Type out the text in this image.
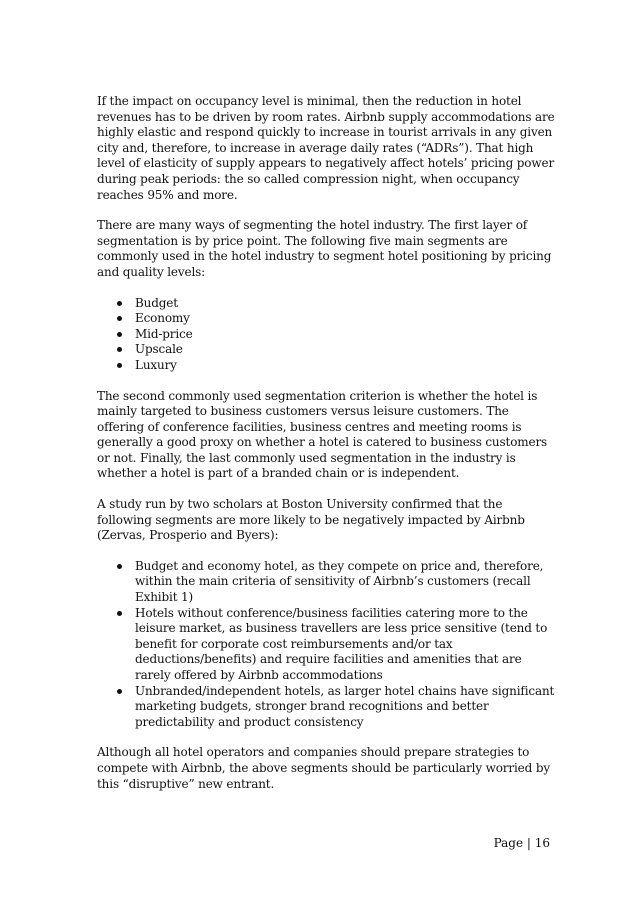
If the impact on occupancy level is minimal, then the reduction in hotel revenues has to be driven by room rates. Airbnb supply accommodations are highly elastic and respond quickly to increase in tourist arrivals in any given city and, therefore, to increase in average daily rates (“ADRs”). That high level of elasticity of supply appears to negatively affect hotels’ pricing power during peak periods: the so called compression night, when occupancy reaches 95% and more.

There are many ways of segmenting the hotel industry. The first layer of segmentation is by price point. The following five main segments are commonly used in the hotel industry to segment hotel positioning by pricing and quality levels:

Budget
Economy
Mid-price
Upscale
Luxury

The second commonly used segmentation criterion is whether the hotel is mainly targeted to business customers versus leisure customers. The offering of conference facilities, business centres and meeting rooms is generally a good proxy on whether a hotel is catered to business customers or not. Finally, the last commonly used segmentation in the industry is whether a hotel is part of a branded chain or is independent.

A study run by two scholars at Boston University confirmed that the following segments are more likely to be negatively impacted by Airbnb (Zervas, Prosperio and Byers):

Budget and economy hotel, as they compete on price and, therefore, within the main criteria of sensitivity of Airbnb’s customers (recall Exhibit 1)
Hotels without conference/business facilities catering more to the leisure market, as business travellers are less price sensitive (tend to benefit for corporate cost reimbursements and/or tax deductions/benefits) and require facilities and amenities that are rarely offered by Airbnb accommodations
Unbranded/independent hotels, as larger hotel chains have significant marketing budgets, stronger brand recognitions and better predictability and product consistency

Although all hotel operators and companies should prepare strategies to compete with Airbnb, the above segments should be particularly worried by this “disruptive” new entrant.

Page | 16
